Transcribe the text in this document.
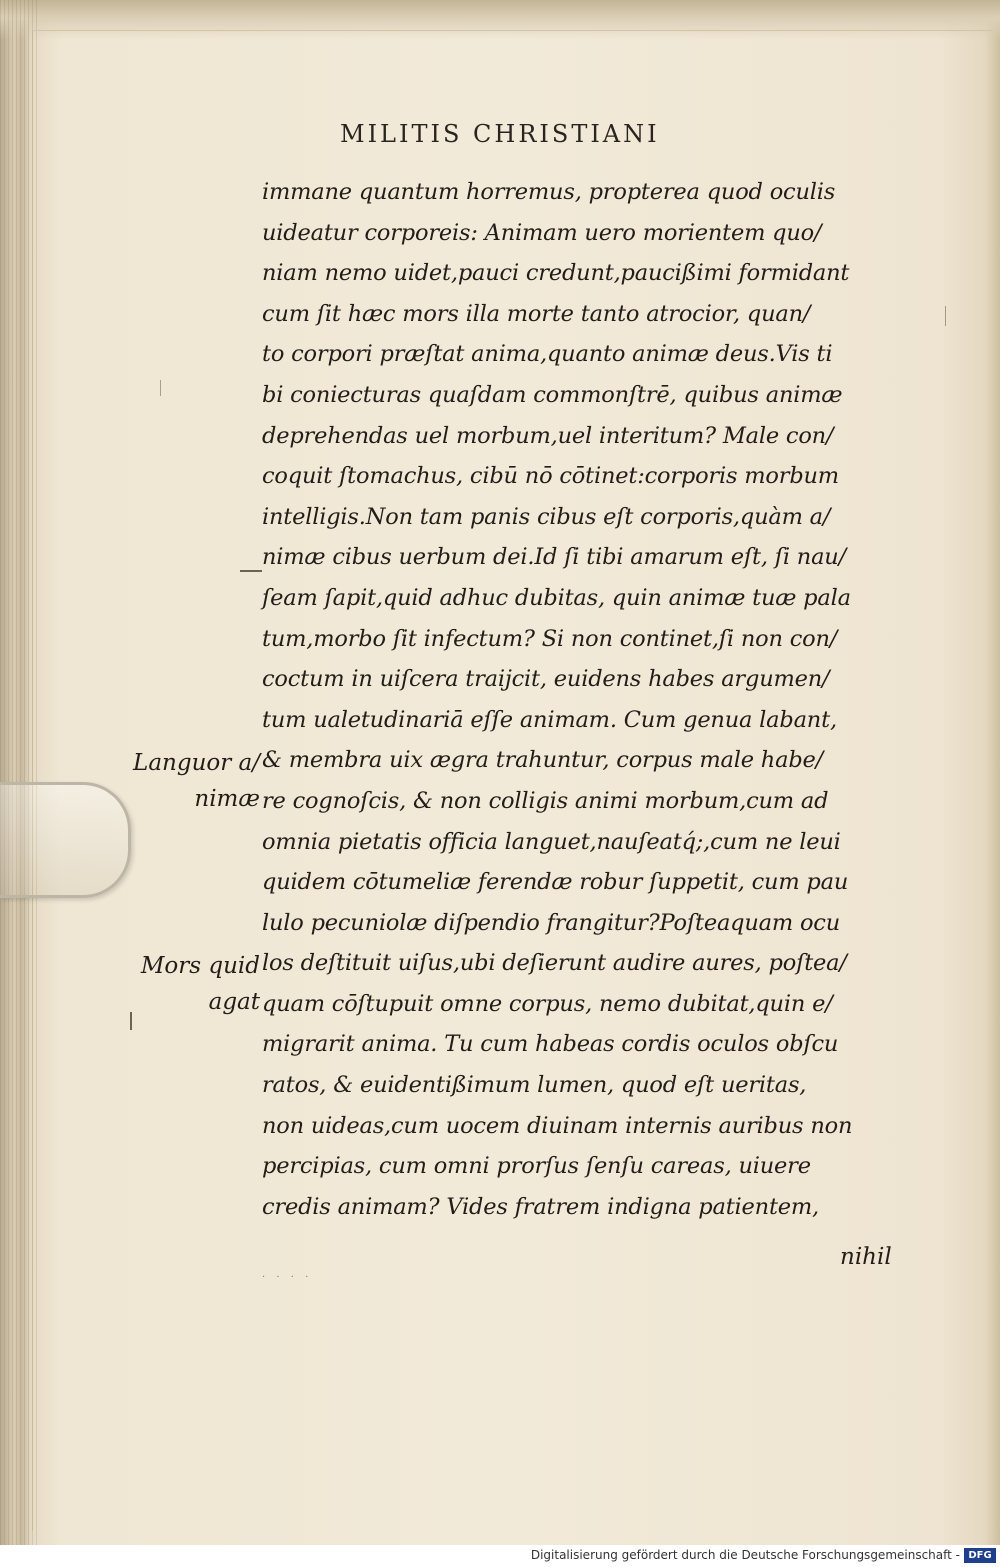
MILITIS CHRISTIANI
immane quantum horremus, propterea quod oculis
uideatur corporeis: Animam uero morientem quo/
niam nemo uidet,pauci credunt,paucißimi formidant
cum ſit hæc mors illa morte tanto atrocior, quan/
to corpori præſtat anima,quanto animæ deus.Vis ti
bi coniecturas quaſdam commonſtrē, quibus animæ
deprehendas uel morbum,uel interitum? Male con/
coquit ſtomachus, cibū nō cōtinet:corporis morbum
intelligis.Non tam panis cibus eſt corporis,quàm a/
nimæ cibus uerbum dei.Id ſi tibi amarum eſt, ſi nau/
ſeam ſapit,quid adhuc dubitas, quin animæ tuæ pala
tum,morbo ſit infectum? Si non continet,ſi non con/
coctum in uiſcera traijcit, euidens habes argumen/
tum ualetudinariā eſſe animam. Cum genua labant,
& membra uix ægra trahuntur, corpus male habe/
re cognoſcis, & non colligis animi morbum,cum ad
omnia pietatis officia languet,nauſeatq́;,cum ne leui
quidem cōtumeliæ ferendæ robur ſuppetit, cum pau
lulo pecuniolæ diſpendio frangitur?Poſteaquam ocu
los deſtituit uiſus,ubi deſierunt audire aures, poſtea/
quam cōſtupuit omne corpus, nemo dubitat,quin e/
migrarit anima. Tu cum habeas cordis oculos obſcu
ratos, & euidentißimum lumen, quod eſt ueritas,
non uideas,cum uocem diuinam internis auribus non
percipias, cum omni prorſus ſenſu careas, uiuere
credis animam? Vides fratrem indigna patientem,
nihil
Languor a/
nimæ
Mors quid
agat
· · · ·
Digitalisierung gefördert durch die Deutsche Forschungsgemeinschaft - DFG
